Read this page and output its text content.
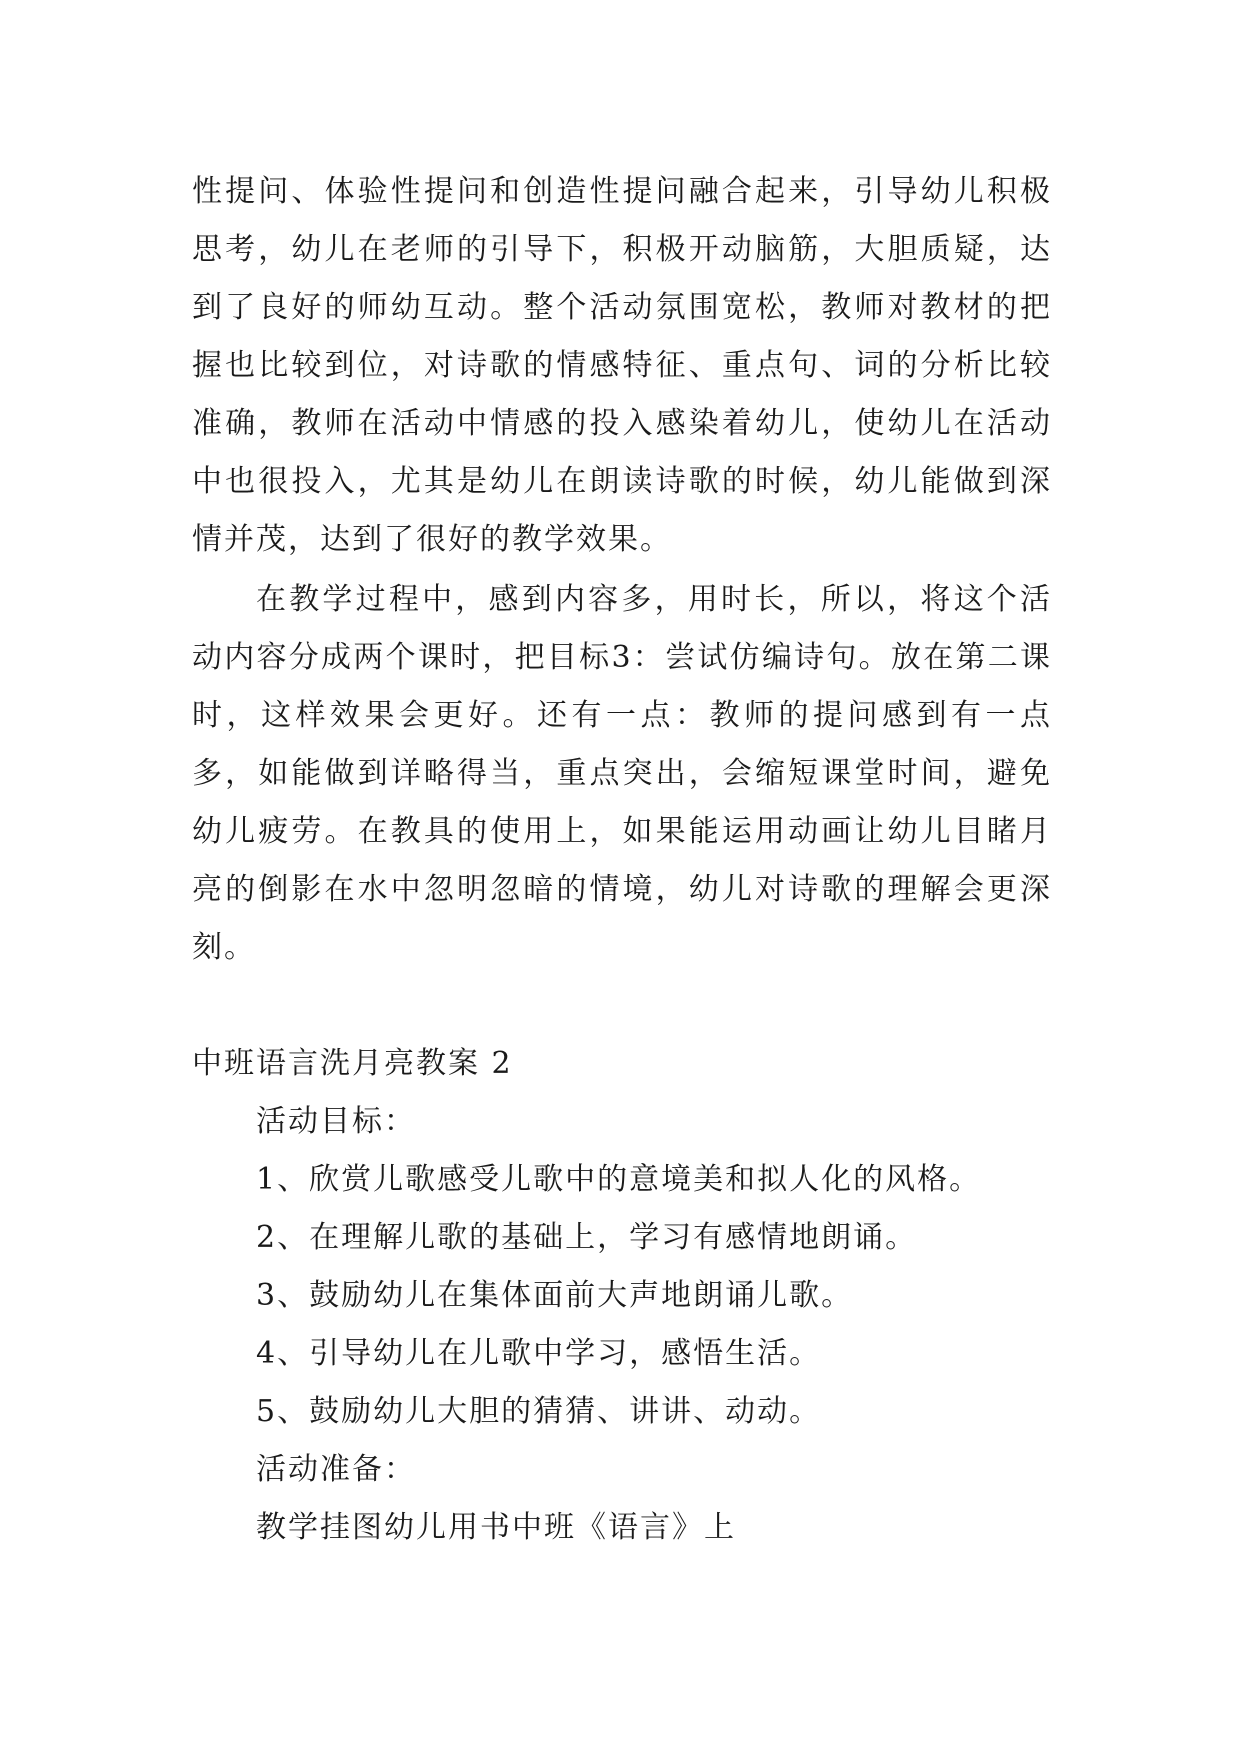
性提问、体验性提问和创造性提问融合起来，引导幼儿积极思考，幼儿在老师的引导下，积极开动脑筋，大胆质疑，达到了良好的师幼互动。整个活动氛围宽松，教师对教材的把握也比较到位，对诗歌的情感特征、重点句、词的分析比较准确，教师在活动中情感的投入感染着幼儿，使幼儿在活动中也很投入，尤其是幼儿在朗读诗歌的时候，幼儿能做到深情并茂，达到了很好的教学效果。

在教学过程中，感到内容多，用时长，所以，将这个活动内容分成两个课时，把目标3：尝试仿编诗句。放在第二课时，这样效果会更好。还有一点：教师的提问感到有一点多，如能做到详略得当，重点突出，会缩短课堂时间，避免幼儿疲劳。在教具的使用上，如果能运用动画让幼儿目睹月亮的倒影在水中忽明忽暗的情境，幼儿对诗歌的理解会更深刻。

中班语言洗月亮教案 2

活动目标：

1、欣赏儿歌感受儿歌中的意境美和拟人化的风格。

2、在理解儿歌的基础上，学习有感情地朗诵。

3、鼓励幼儿在集体面前大声地朗诵儿歌。

4、引导幼儿在儿歌中学习，感悟生活。

5、鼓励幼儿大胆的猜猜、讲讲、动动。

活动准备：

教学挂图幼儿用书中班《语言》上
